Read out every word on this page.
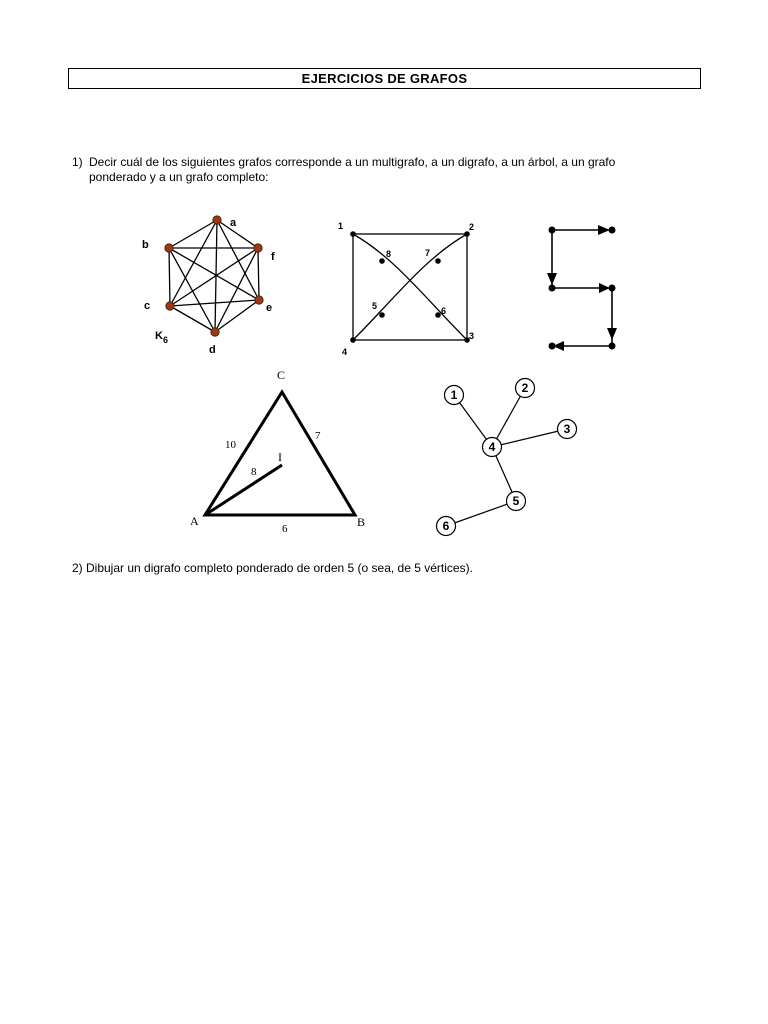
EJERCICIOS DE GRAFOS
1) Decir cuál de los siguientes grafos corresponde a un multigrafo, a un digrafo, a un árbol, a un grafo
ponderado y a un grafo completo:
a
f
e
d
c
b
$K_6$
1	2
3
4
8	7
6
5
C
A	B
I
10
7
6
8
1	2
3
4
5
6
2) Dibujar un digrafo completo ponderado de orden 5 (o sea, de 5 vértices).
